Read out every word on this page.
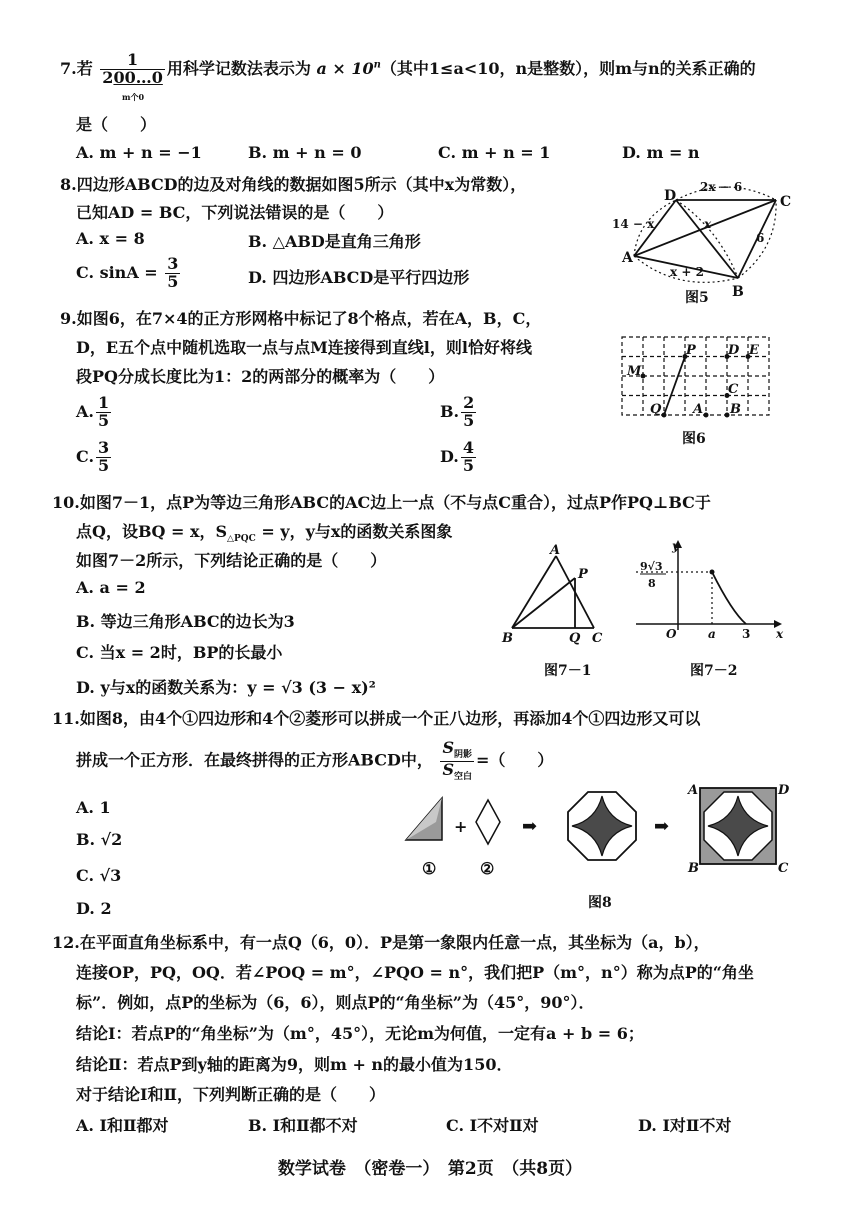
7.若 $\frac{1}{200\dots 0}$ 用科学记数法表示为 $a \times 10^n$（其中1≤a<10，n是整数），则m与n的关系正确的
m个0
是（　　）
A. m + n = −1	B. m + n = 0	C. m + n = 1	D. m = n
8.四边形ABCD的边及对角线的数据如图5所示（其中x为常数），
已知AD = BC，下列说法错误的是（　　）
A. x = 8	B. △ABD是直角三角形
C. $\sin A = \frac{3}{5}$	D. 四边形ABCD是平行四边形
D	C
A
B
2x − 6
14 − x	x
6
x + 2
图5
9.如图6，在7×4的正方形网格中标记了8个格点，若在A，B，C，
D，E五个点中随机选取一点与点M连接得到直线l，则l恰好将线
段PQ分成长度比为1：2的两部分的概率为（　　）
A. $\frac{1}{5}$	B. $\frac{2}{5}$
C. $\frac{3}{5}$	D. $\frac{4}{5}$
P D E
M
C
Q A B
图6
10.如图7－1，点P为等边三角形ABC的AC边上一点（不与点C重合），过点P作PQ⊥BC于
点Q，设BQ = x，$S_{\triangle PQC} = y$，y与x的函数关系图象
如图7－2所示，下列结论正确的是（　　）
A. a = 2
B. 等边三角形ABC的边长为3
C. 当x = 2时，BP的长最小
D. y与x的函数关系为：y = √3 (3 − x)²
A
P
B	Q C
图7－1
y
x
O
9√3
8
a 3
图7－2
11.如图8，由4个①四边形和4个②菱形可以拼成一个正八边形，再添加4个①四边形又可以
拼成一个正方形．在最终拼得的正方形ABCD中，
$S_{阴影}$
$S_{空白}$
=（　　）
A. 1
B. √2
C. √3
D. 2
①
+
②
➡	➡
A	D
B	C
图8
12.在平面直角坐标系中，有一点Q（6，0）．P是第一象限内任意一点，其坐标为（a，b），
连接OP，PQ，OQ．若∠POQ = m°，∠PQO = n°，我们把P（m°，n°）称为点P的“角坐
标”．例如，点P的坐标为（6，6），则点P的“角坐标”为（45°，90°）．
结论Ⅰ：若点P的“角坐标”为（m°，45°），无论m为何值，一定有a + b = 6；
结论Ⅱ：若点P到y轴的距离为9，则m + n的最小值为150．
对于结论Ⅰ和Ⅱ，下列判断正确的是（　　）
A. Ⅰ和Ⅱ都对	B. Ⅰ和Ⅱ都不对	C. Ⅰ不对Ⅱ对	D. Ⅰ对Ⅱ不对
数学试卷　（密卷一）　第2页　（共8页）
